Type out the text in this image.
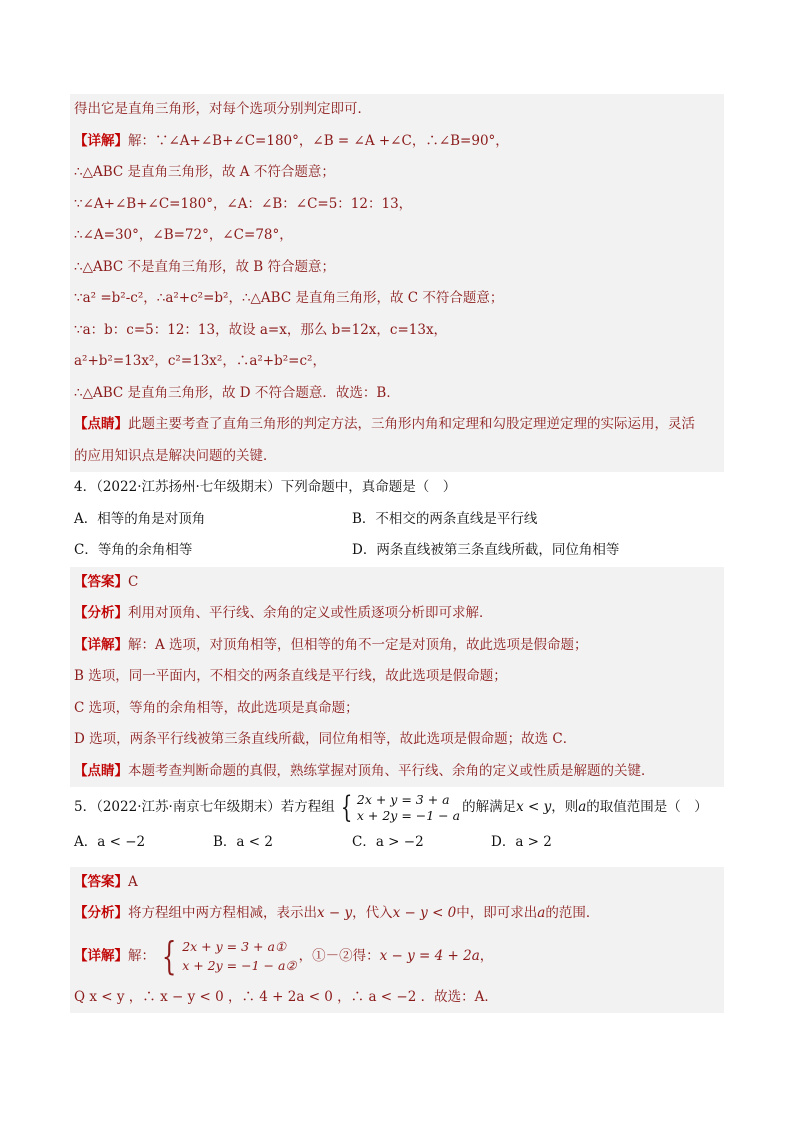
得出它是直角三角形，对每个选项分别判定即可．
【详解】解：∵∠A+∠B+∠C=180°，∠B = ∠A +∠C，∴∠B=90°，
∴△ABC 是直角三角形，故 A 不符合题意；
∵∠A+∠B+∠C=180°，∠A：∠B：∠C=5：12：13，
∴∠A=30°，∠B=72°，∠C=78°，
∴△ABC 不是直角三角形，故 B 符合题意；
∵a² =b²-c²，∴a²+c²=b²，∴△ABC 是直角三角形，故 C 不符合题意；
∵a：b：c=5：12：13，故设 a=x，那么 b=12x，c=13x，
a²+b²=13x²，c²=13x²，∴a²+b²=c²，
∴△ABC 是直角三角形，故 D 不符合题意．故选：B．
【点睛】此题主要考查了直角三角形的判定方法，三角形内角和定理和勾股定理逆定理的实际运用，灵活
的应用知识点是解决问题的关键．
4．（2022·江苏扬州·七年级期末）下列命题中，真命题是（　）
A．相等的角是对顶角	B．不相交的两条直线是平行线
C．等角的余角相等	D．两条直线被第三条直线所截，同位角相等
【答案】C
【分析】利用对顶角、平行线、余角的定义或性质逐项分析即可求解．
【详解】解：A 选项，对顶角相等，但相等的角不一定是对顶角，故此选项是假命题；
B 选项，同一平面内，不相交的两条直线是平行线，故此选项是假命题；
C 选项，等角的余角相等，故此选项是真命题；
D 选项，两条平行线被第三条直线所截，同位角相等，故此选项是假命题；故选 C．
【点睛】本题考查判断命题的真假，熟练掌握对顶角、平行线、余角的定义或性质是解题的关键．
5．（2022·江苏·南京七年级期末）若方程组 { 2x + y = 3 + a
x + 2y = −1 − a 的解满足x < y，则a的取值范围是（　）
A．a < −2	B．a < 2	C．a > −2	D．a > 2
【答案】A
【分析】将方程组中两方程相减，表示出x − y，代入x − y < 0中，即可求出a的范围．
【详解】解： { 2x + y = 3 + a①
x + 2y = −1 − a②
，①－②得：x − y = 4 + 2a，
Q x < y ，∴ x − y < 0 ，∴ 4 + 2a < 0 ，∴ a < −2 ．故选：A．
